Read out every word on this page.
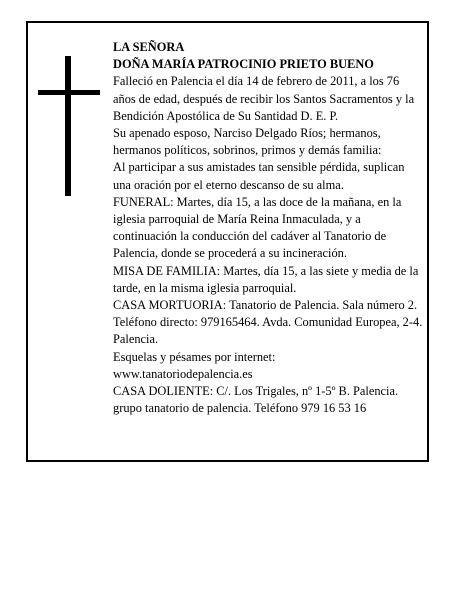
LA SEÑORA
DOÑA MARÍA PATROCINIO PRIETO BUENO
Falleció en Palencia el día 14 de febrero de 2011, a los 76 años de edad, después de recibir los Santos Sacramentos y la Bendición Apostólica de Su Santidad D. E. P.
Su apenado esposo, Narciso Delgado Ríos; hermanos, hermanos políticos, sobrinos, primos y demás familia:
Al participar a sus amistades tan sensible pérdida, suplican una oración por el eterno descanso de su alma.
FUNERAL: Martes, día 15, a las doce de la mañana, en la iglesia parroquial de María Reina Inmaculada, y a continuación la conducción del cadáver al Tanatorio de Palencia, donde se procederá a su incineración.
MISA DE FAMILIA: Martes, día 15, a las siete y media de la tarde, en la misma iglesia parroquial.
CASA MORTUORIA: Tanatorio de Palencia. Sala número 2. Teléfono directo: 979165464. Avda. Comunidad Europea, 2-4. Palencia.
Esquelas y pésames por internet:
www.tanatoriodepalencia.es
CASA DOLIENTE: C/. Los Trigales, nº 1-5º B. Palencia.
grupo tanatorio de palencia. Teléfono 979 16 53 16
